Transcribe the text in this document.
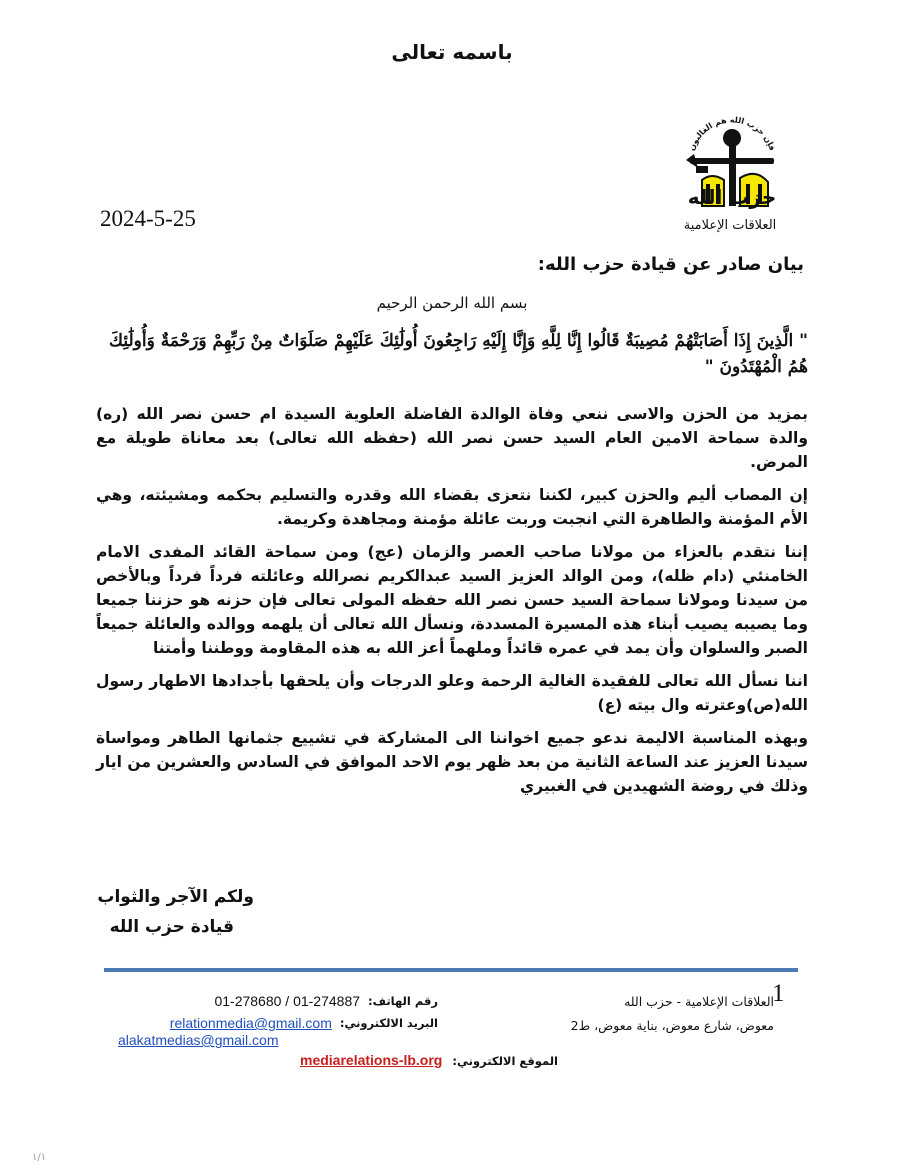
باسمه تعالى
2024-5-25
فإن حزب الله هم الغالبون
حزب الله
العلاقات الإعلامية
بيان صادر عن قيادة حزب الله:
بسم الله الرحمن الرحيم
" الَّذِينَ إِذَا أَصَابَتْهُمْ مُصِيبَةٌ قَالُوا إِنَّا لِلَّهِ وَإِنَّا إِلَيْهِ رَاجِعُونَ أُولَٰئِكَ عَلَيْهِمْ صَلَوَاتٌ مِنْ رَبِّهِمْ وَرَحْمَةٌ وَأُولَٰئِكَ هُمُ الْمُهْتَدُونَ "

بمزيد من الحزن والاسى ننعي وفاة الوالدة الفاضلة العلوية السيدة ام حسن نصر الله (ره) والدة سماحة الامين العام السيد حسن نصر الله (حفظه الله تعالى) بعد معاناة طويلة مع المرض.

إن المصاب أليم والحزن كبير، لكننا نتعزى بقضاء الله وقدره والتسليم بحكمه ومشيئته، وهي الأم المؤمنة والطاهرة التي انجبت وربت عائلة مؤمنة ومجاهدة وكريمة.

إننا نتقدم بالعزاء من مولانا صاحب العصر والزمان (عج) ومن سماحة القائد المفدى الامام الخامنئي (دام ظله)، ومن الوالد العزيز السيد عبدالكريم نصرالله وعائلته فرداً فرداً وبالأخص من سيدنا ومولانا سماحة السيد حسن نصر الله حفظه المولى تعالى فإن حزنه هو حزننا جميعا وما يصيبه يصيب أبناء هذه المسيرة المسددة، ونسأل الله تعالى أن يلهمه ووالده والعائلة جميعاً الصبر والسلوان وأن يمد في عمره قائداً وملهماً أعز الله به هذه المقاومة ووطننا وأمتنا

اننا نسأل الله تعالى للفقيدة الغالية الرحمة وعلو الدرجات وأن يلحقها بأجدادها الاطهار رسول الله(ص)وعترته وال بيته (ع)

وبهذه المناسبة الاليمة ندعو جميع اخواننا الى المشاركة في تشييع جثمانها الطاهر ومواساة سيدنا العزيز عند الساعة الثانية من بعد ظهر يوم الاحد الموافق في السادس والعشرين من ايار وذلك في روضة الشهيدين في الغبيري

ولكم الآجر والثواب
قيادة حزب الله
1
العلاقات الإعلامية - حزب الله
معوض، شارع معوض، بناية معوض، ط2
رقم الهاتف:
01-278680 / 01-274887
البريد الالكتروني:
relationmedia@gmail.com
alakatmedias@gmail.com
الموقع الالكتروني: mediarelations-lb.org
١/١
